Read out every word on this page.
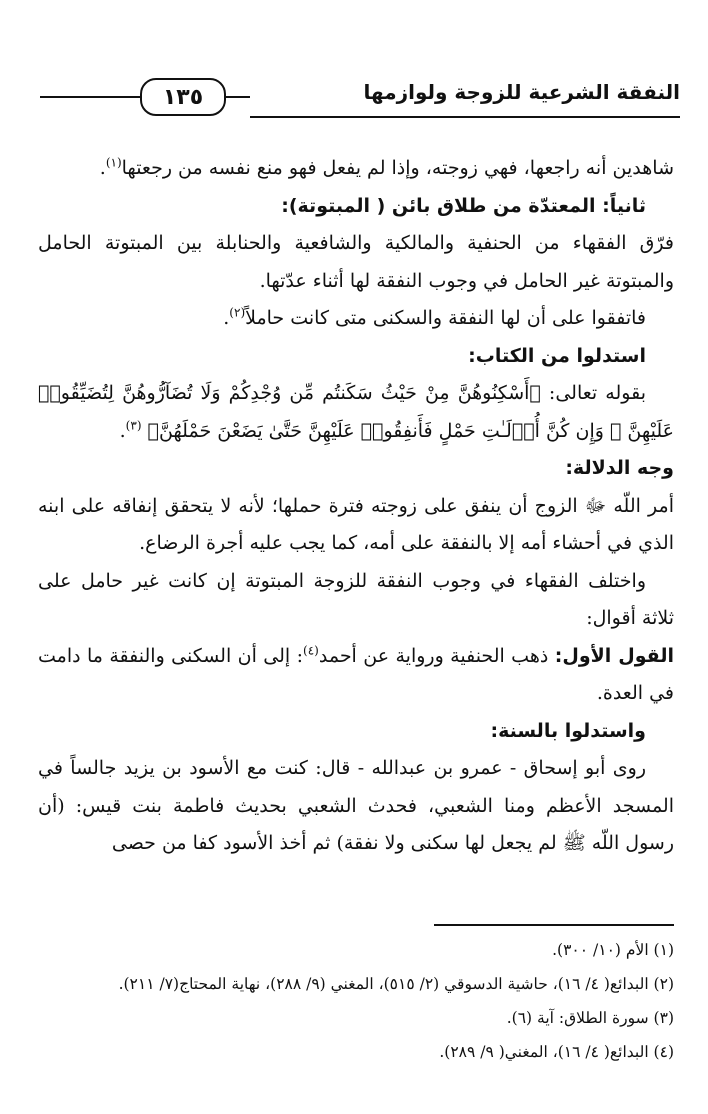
النفقة الشرعية للزوجة ولوازمها
١٣٥

شاهدين أنه راجعها، فهي زوجته، وإذا لم يفعل فهو منع نفسه من رجعتها$^{(١)}$.

ثانياً: المعتدّة من طلاق بائن ( المبتوتة):

فرّق الفقهاء من الحنفية والمالكية والشافعية والحنابلة بين المبتوتة الحامل والمبتوتة غير الحامل في وجوب النفقة لها أثناء عدّتها.

فاتفقوا على أن لها النفقة والسكنى متى كانت حاملاً$^{(٢)}$.

استدلوا من الكتاب:

بقوله تعالى: ﴿أَسْكِنُوهُنَّ مِنْ حَيْثُ سَكَنتُم مِّن وُجْدِكُمْ وَلَا تُضَآرُّوهُنَّ لِتُضَيِّقُوا۟ عَلَيْهِنَّ ۚ وَإِن كُنَّ أُو۟لَـٰتِ حَمْلٍ فَأَنفِقُوا۟ عَلَيْهِنَّ حَتَّىٰ يَضَعْنَ حَمْلَهُنَّ﴾ $^{(٣)}$.

وجه الدلالة:

أمر اللّه ﷻ الزوج أن ينفق على زوجته فترة حملها؛ لأنه لا يتحقق إنفاقه على ابنه الذي في أحشاء أمه إلا بالنفقة على أمه، كما يجب عليه أجرة الرضاع.

واختلف الفقهاء في وجوب النفقة للزوجة المبتوتة إن كانت غير حامل على ثلاثة أقوال:

القول الأول: ذهب الحنفية ورواية عن أحمد$^{(٤)}$: إلى أن السكنى والنفقة ما دامت في العدة.

واستدلوا بالسنة:

روى أبو إسحاق - عمرو بن عبدالله - قال: كنت مع الأسود بن يزيد جالساً في المسجد الأعظم ومنا الشعبي، فحدث الشعبي بحديث فاطمة بنت قيس: (أن رسول اللّه ﷺ لم يجعل لها سكنى ولا نفقة) ثم أخذ الأسود كفا من حصى

(١) الأم (١٠/ ٣٠٠).
(٢) البدائع( ٤/ ١٦)، حاشية الدسوقي (٢/ ٥١٥)، المغني (٩/ ٢٨٨)، نهاية المحتاج(٧/ ٢١١).
(٣) سورة الطلاق: آية (٦).
(٤) البدائع( ٤/ ١٦)، المغني( ٩/ ٢٨٩).
